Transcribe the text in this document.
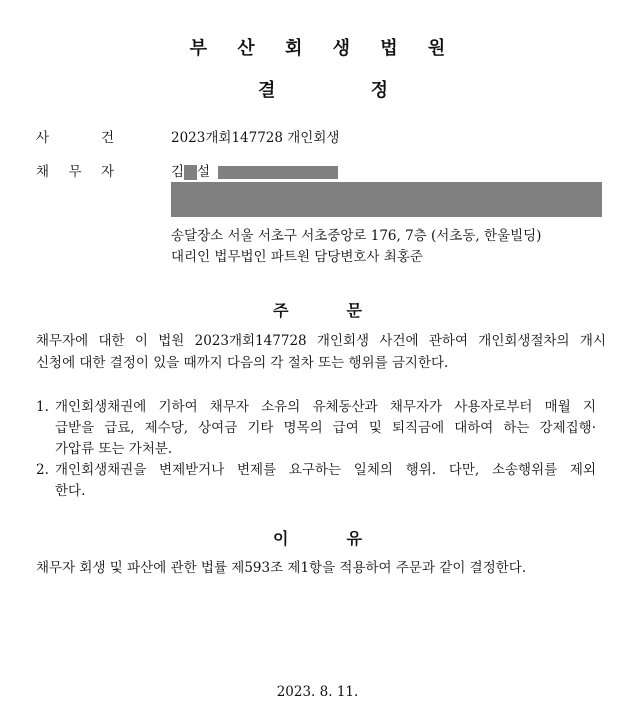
부 산 회 생 법 원
결	정
사	건	2023개회147728 개인회생
채 무 자	김 설
송달장소 서울 서초구 서초중앙로 176, 7층 (서초동, 한울빌딩)
대리인 법무법인 파트원 담당변호사 최홍준
주	문
채무자에 대한 이 법원 2023개회147728 개인회생 사건에 관하여 개인회생절차의 개시
신청에 대한 결정이 있을 때까지 다음의 각 절차 또는 행위를 금지한다.
1. 개인회생채권에 기하여 채무자 소유의 유체동산과 채무자가 사용자로부터 매월 지
급받을 급료, 제수당, 상여금 기타 명목의 급여 및 퇴직금에 대하여 하는 강제집행·
가압류 또는 가처분.
2. 개인회생채권을 변제받거나 변제를 요구하는 일체의 행위. 다만, 소송행위를 제외
한다.
이	유
채무자 회생 및 파산에 관한 법률 제593조 제1항을 적용하여 주문과 같이 결정한다.
2023. 8. 11.
